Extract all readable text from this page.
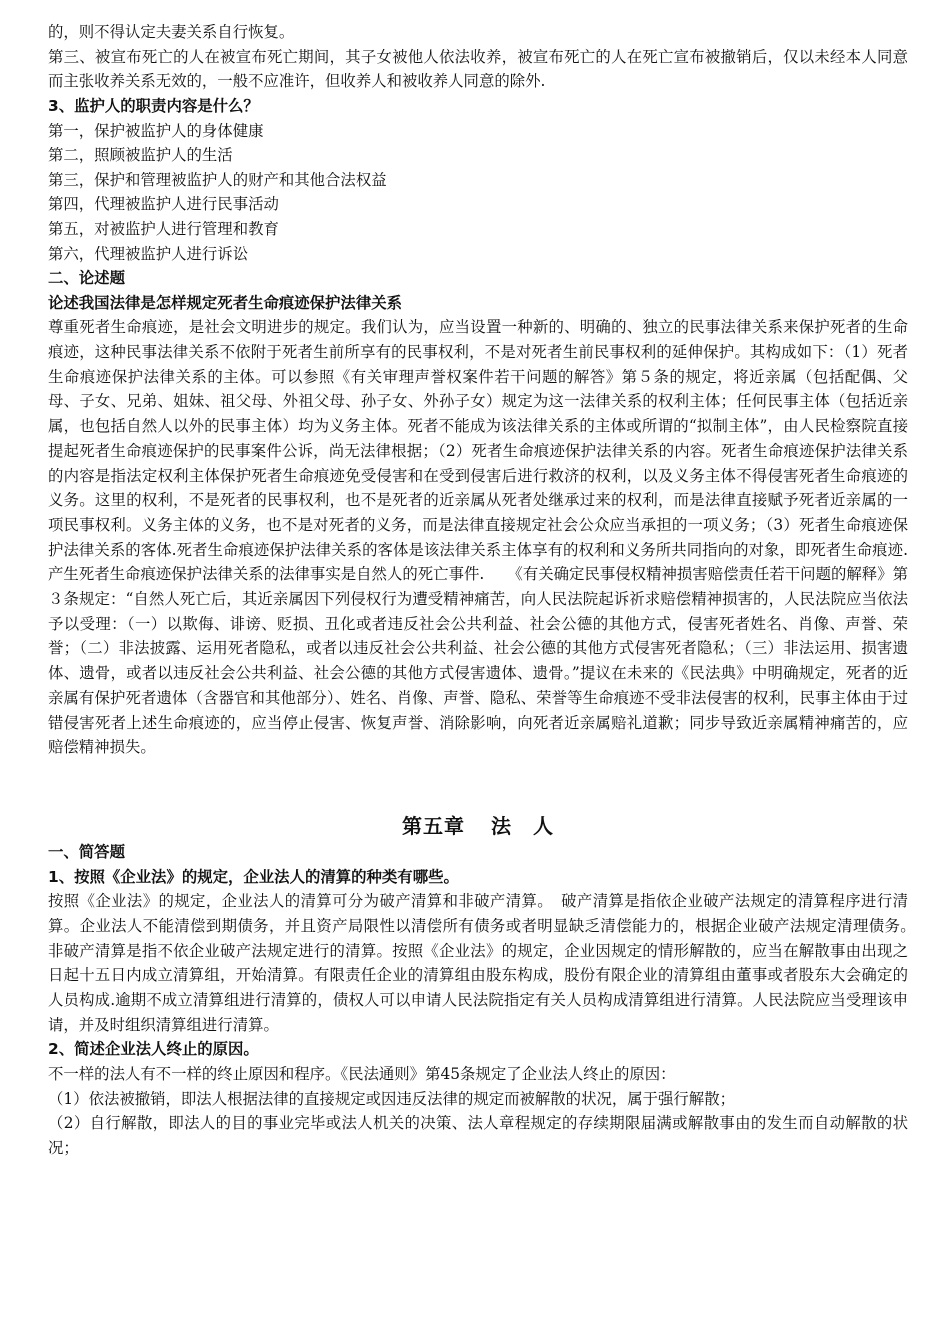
的，则不得认定夫妻关系自行恢复。

第三、被宣布死亡的人在被宣布死亡期间，其子女被他人依法收养，被宣布死亡的人在死亡宣布被撤销后，仅以未经本人同意而主张收养关系无效的，一般不应准许，但收养人和被收养人同意的除外.

3、监护人的职责内容是什么？

第一，保护被监护人的身体健康

第二，照顾被监护人的生活

第三，保护和管理被监护人的财产和其他合法权益

第四，代理被监护人进行民事活动

第五，对被监护人进行管理和教育

第六，代理被监护人进行诉讼

二、论述题

论述我国法律是怎样规定死者生命痕迹保护法律关系

尊重死者生命痕迹，是社会文明进步的规定。我们认为，应当设置一种新的、明确的、独立的民事法律关系来保护死者的生命痕迹，这种民事法律关系不依附于死者生前所享有的民事权利，不是对死者生前民事权利的延伸保护。其构成如下：（1）死者生命痕迹保护法律关系的主体。可以参照《有关审理声誉权案件若干问题的解答》第５条的规定，将近亲属（包括配偶、父母、子女、兄弟、姐妹、祖父母、外祖父母、孙子女、外孙子女）规定为这一法律关系的权利主体；任何民事主体（包括近亲属，也包括自然人以外的民事主体）均为义务主体。死者不能成为该法律关系的主体或所谓的“拟制主体”，由人民检察院直接提起死者生命痕迹保护的民事案件公诉，尚无法律根据；（2）死者生命痕迹保护法律关系的内容。死者生命痕迹保护法律关系的内容是指法定权利主体保护死者生命痕迹免受侵害和在受到侵害后进行救济的权利，以及义务主体不得侵害死者生命痕迹的义务。这里的权利，不是死者的民事权利，也不是死者的近亲属从死者处继承过来的权利，而是法律直接赋予死者近亲属的一项民事权利。义务主体的义务，也不是对死者的义务，而是法律直接规定社会公众应当承担的一项义务；（3）死者生命痕迹保护法律关系的客体.死者生命痕迹保护法律关系的客体是该法律关系主体享有的权利和义务所共同指向的对象，即死者生命痕迹.产生死者生命痕迹保护法律关系的法律事实是自然人的死亡事件.　　《有关确定民事侵权精神损害赔偿责任若干问题的解释》第３条规定：“自然人死亡后，其近亲属因下列侵权行为遭受精神痛苦，向人民法院起诉祈求赔偿精神损害的，人民法院应当依法予以受理：（一）以欺侮、诽谤、贬损、丑化或者违反社会公共利益、社会公德的其他方式，侵害死者姓名、肖像、声誉、荣誉；（二）非法披露、运用死者隐私，或者以违反社会公共利益、社会公德的其他方式侵害死者隐私；（三）非法运用、损害遗体、遗骨，或者以违反社会公共利益、社会公德的其他方式侵害遗体、遗骨。”提议在未来的《民法典》中明确规定，死者的近亲属有保护死者遗体（含器官和其他部分）、姓名、肖像、声誉、隐私、荣誉等生命痕迹不受非法侵害的权利，民事主体由于过错侵害死者上述生命痕迹的，应当停止侵害、恢复声誉、消除影响，向死者近亲属赔礼道歉；同步导致近亲属精神痛苦的，应赔偿精神损失。

第五章 法　人

一、简答题

1、按照《企业法》的规定，企业法人的清算的种类有哪些。

按照《企业法》的规定，企业法人的清算可分为破产清算和非破产清算。　破产清算是指依企业破产法规定的清算程序进行清算。企业法人不能清偿到期债务，并且资产局限性以清偿所有债务或者明显缺乏清偿能力的，根据企业破产法规定清理债务。　　非破产清算是指不依企业破产法规定进行的清算。按照《企业法》的规定，企业因规定的情形解散的，应当在解散事由出现之日起十五日内成立清算组，开始清算。有限责任企业的清算组由股东构成，股份有限企业的清算组由董事或者股东大会确定的人员构成.逾期不成立清算组进行清算的，债权人可以申请人民法院指定有关人员构成清算组进行清算。人民法院应当受理该申请，并及时组织清算组进行清算。

2、简述企业法人终止的原因。

不一样的法人有不一样的终止原因和程序。《民法通则》第45条规定了企业法人终止的原因：

（1）依法被撤销，即法人根据法律的直接规定或因违反法律的规定而被解散的状况，属于强行解散；

（2）自行解散，即法人的目的事业完毕或法人机关的决策、法人章程规定的存续期限届满或解散事由的发生而自动解散的状况；
